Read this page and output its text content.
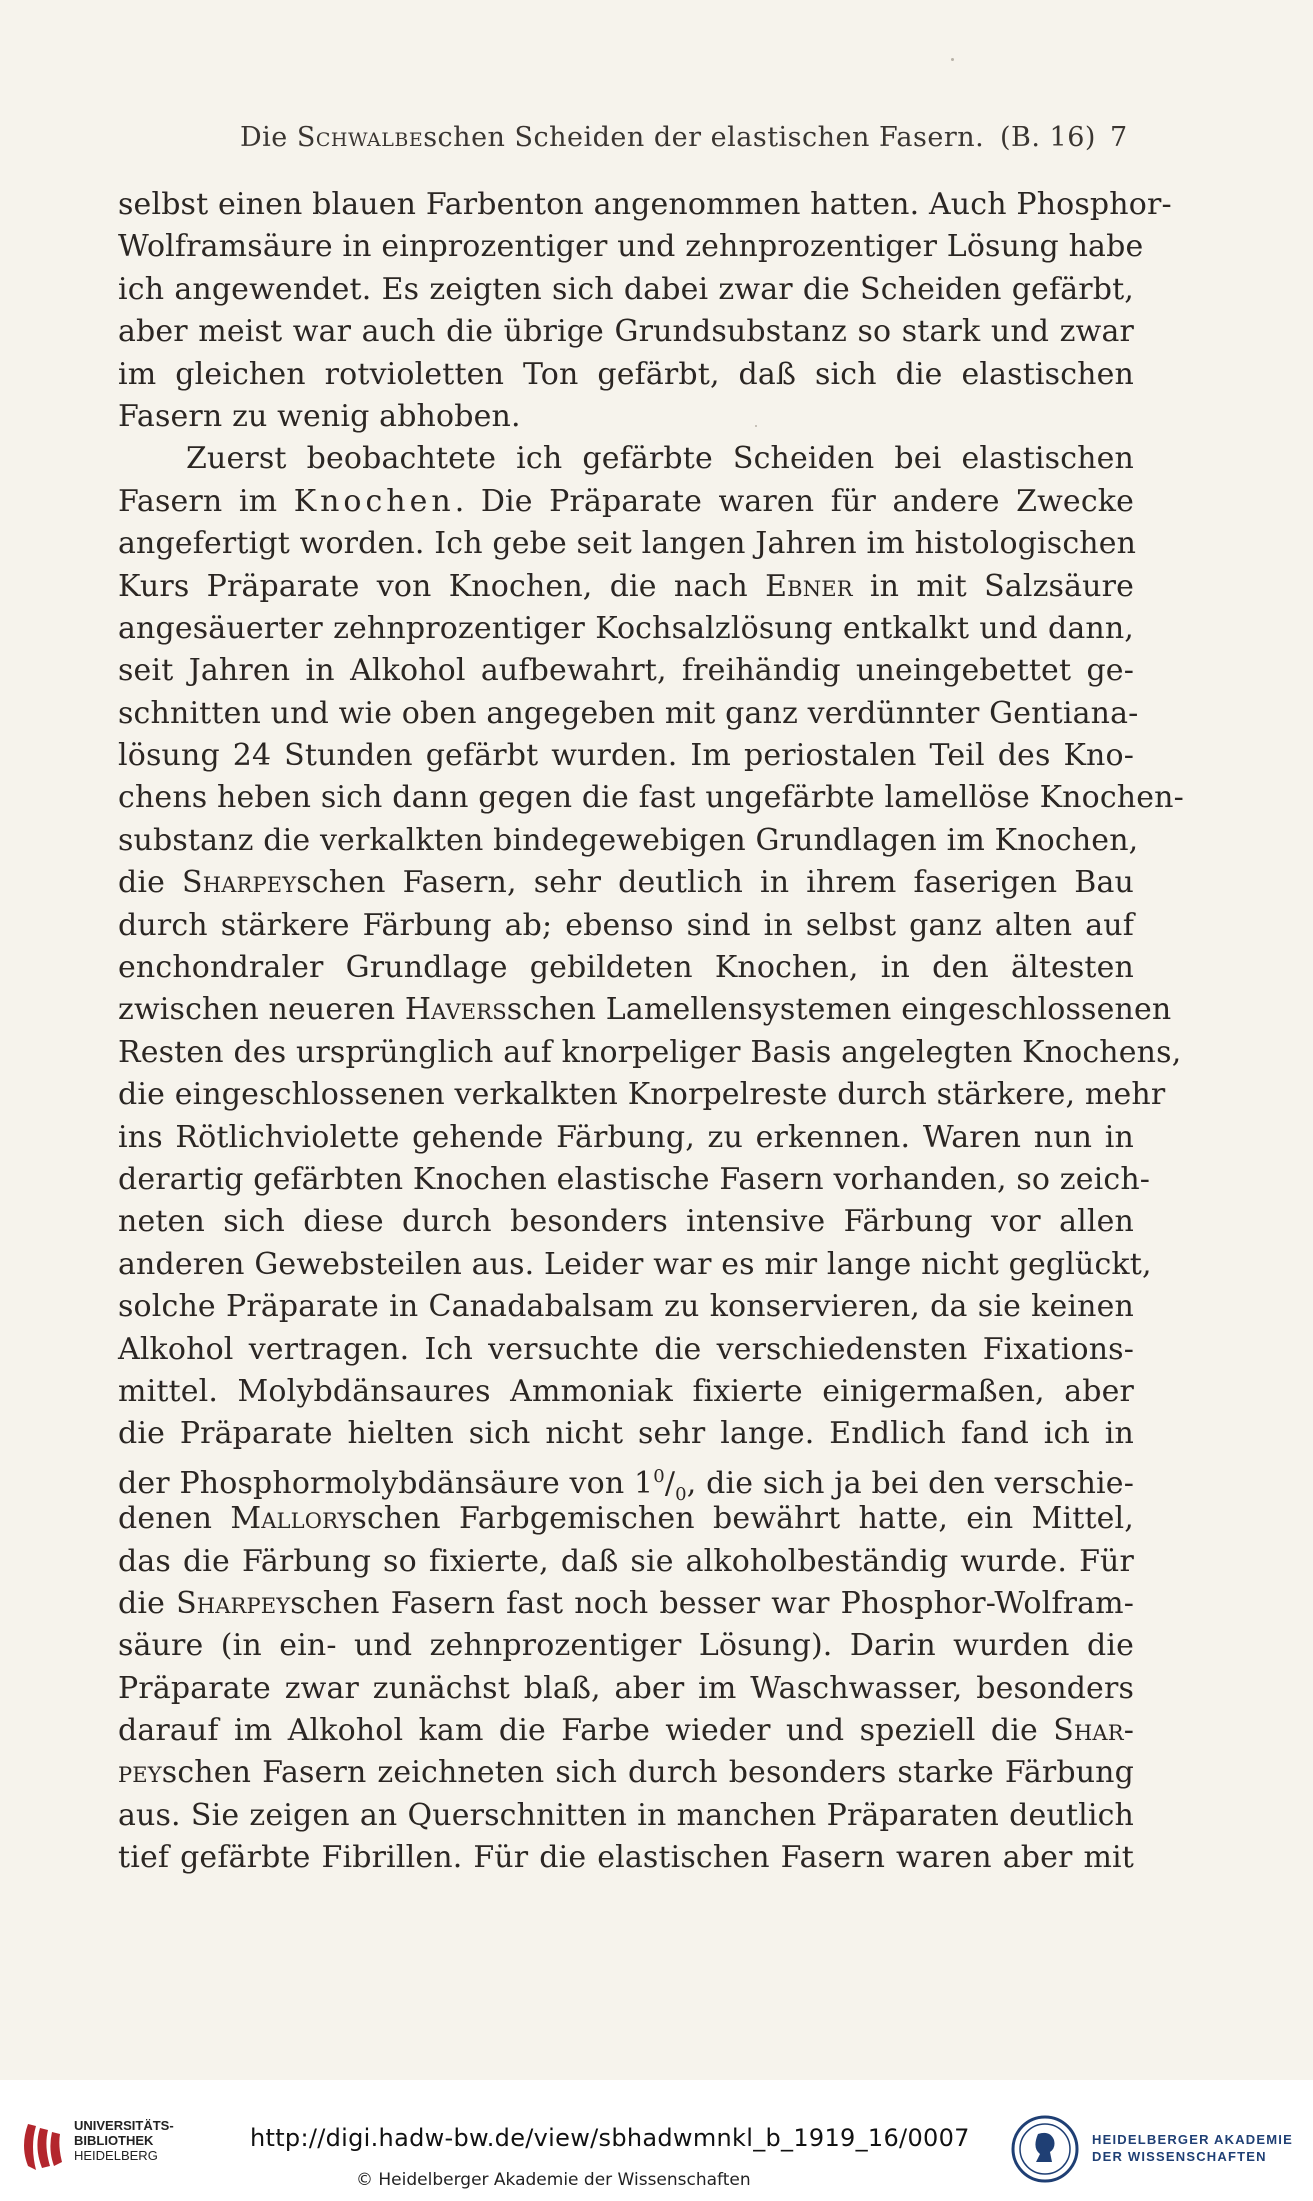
Die Schwalbeschen Scheiden der elastischen Fasern. (B. 16) 7
selbst einen blauen Farbenton angenommen hatten. Auch Phosphor-
Wolframsäure in einprozentiger und zehnprozentiger Lösung habe
ich angewendet. Es zeigten sich dabei zwar die Scheiden gefärbt,
aber meist war auch die übrige Grundsubstanz so stark und zwar
im gleichen rotvioletten Ton gefärbt, daß sich die elastischen
Fasern zu wenig abhoben.
Zuerst beobachtete ich gefärbte Scheiden bei elastischen
Fasern im Knochen. Die Präparate waren für andere Zwecke
angefertigt worden. Ich gebe seit langen Jahren im histologischen
Kurs Präparate von Knochen, die nach Ebner in mit Salzsäure
angesäuerter zehnprozentiger Kochsalzlösung entkalkt und dann,
seit Jahren in Alkohol aufbewahrt, freihändig uneingebettet ge-
schnitten und wie oben angegeben mit ganz verdünnter Gentiana-
lösung 24 Stunden gefärbt wurden. Im periostalen Teil des Kno-
chens heben sich dann gegen die fast ungefärbte lamellöse Knochen-
substanz die verkalkten bindegewebigen Grundlagen im Knochen,
die Sharpeyschen Fasern, sehr deutlich in ihrem faserigen Bau
durch stärkere Färbung ab; ebenso sind in selbst ganz alten auf
enchondraler Grundlage gebildeten Knochen, in den ältesten
zwischen neueren Haversschen Lamellensystemen eingeschlossenen
Resten des ursprünglich auf knorpeliger Basis angelegten Knochens,
die eingeschlossenen verkalkten Knorpelreste durch stärkere, mehr
ins Rötlichviolette gehende Färbung, zu erkennen. Waren nun in
derartig gefärbten Knochen elastische Fasern vorhanden, so zeich-
neten sich diese durch besonders intensive Färbung vor allen
anderen Gewebsteilen aus. Leider war es mir lange nicht geglückt,
solche Präparate in Canadabalsam zu konservieren, da sie keinen
Alkohol vertragen. Ich versuchte die verschiedensten Fixations-
mittel. Molybdänsaures Ammoniak fixierte einigermaßen, aber
die Präparate hielten sich nicht sehr lange. Endlich fand ich in
der Phosphormolybdänsäure von $1^0/_0$, die sich ja bei den verschie-
denen Malloryschen Farbgemischen bewährt hatte, ein Mittel,
das die Färbung so fixierte, daß sie alkoholbeständig wurde. Für
die Sharpeyschen Fasern fast noch besser war Phosphor-Wolfram-
säure (in ein- und zehnprozentiger Lösung). Darin wurden die
Präparate zwar zunächst blaß, aber im Waschwasser, besonders
darauf im Alkohol kam die Farbe wieder und speziell die Shar-
peyschen Fasern zeichneten sich durch besonders starke Färbung
aus. Sie zeigen an Querschnitten in manchen Präparaten deutlich
tief gefärbte Fibrillen. Für die elastischen Fasern waren aber mit
UNIVERSITÄTS-
BIBLIOTHEK
HEIDELBERG
http://digi.hadw-bw.de/view/sbhadwmnkl_b_1919_16/0007
© Heidelberger Akademie der Wissenschaften
HEIDELBERGER AKADEMIE
DER WISSENSCHAFTEN
